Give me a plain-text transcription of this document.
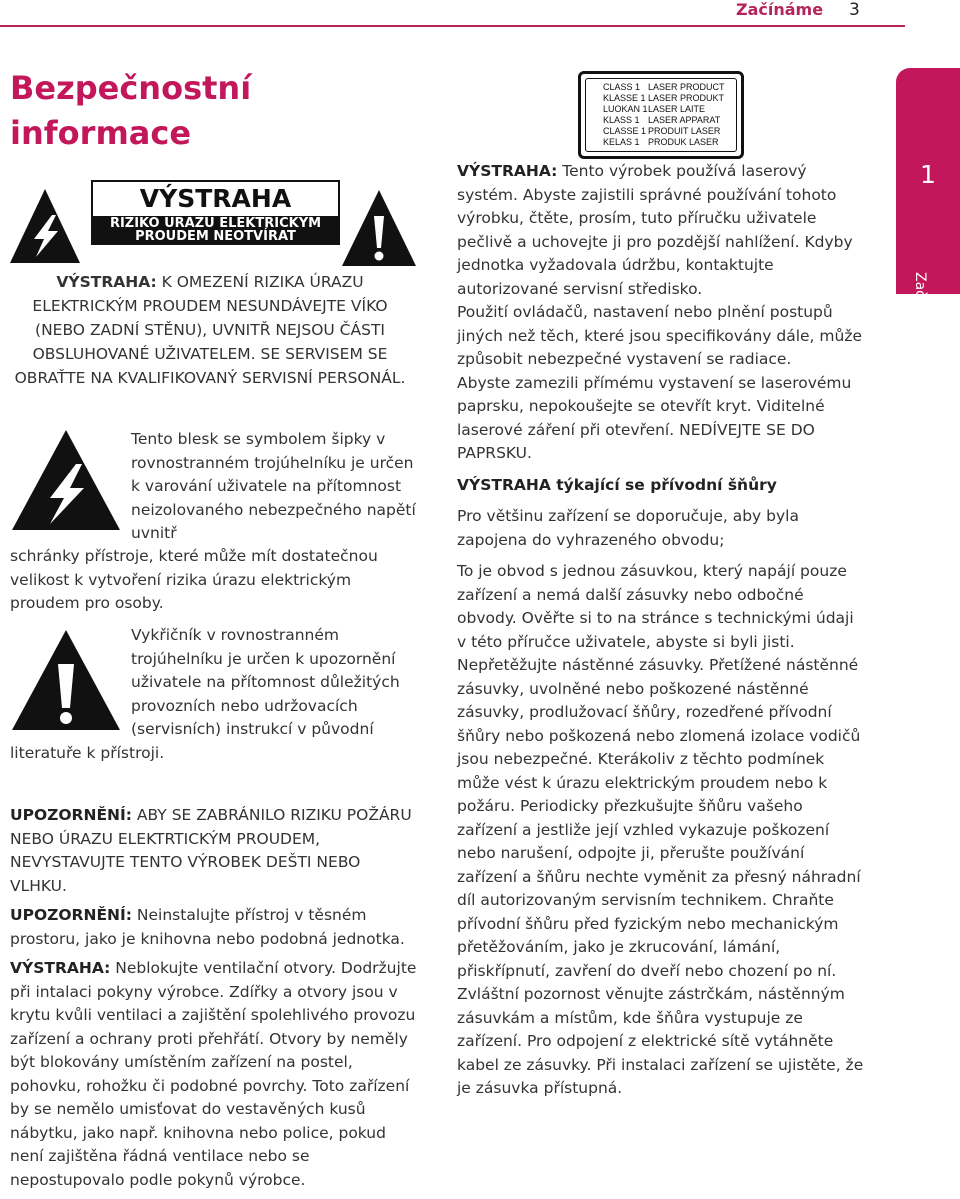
Začínáme 3
Bezpečnostní
informace
VÝSTRAHA
RIZIKO ÚRAZU ELEKTRICKÝM
PROUDEM NEOTVÍRAT
VÝSTRAHA: K OMEZENÍ RIZIKA ÚRAZU ELEKTRICKÝM PROUDEM NESUNDÁVEJTE VÍKO (NEBO ZADNÍ STĚNU), UVNITŘ NEJSOU ČÁSTI OBSLUHOVANÉ UŽIVATELEM. SE SERVISEM SE OBRAŤTE NA KVALIFIKOVANÝ SERVISNÍ PERSONÁL.

Tento blesk se symbolem šipky v rovnostranném trojúhelníku je určen k varování uživatele na přítomnost neizolovaného nebezpečného napětí uvnitř

schránky přístroje, které může mít dostatečnou velikost k vytvoření rizika úrazu elektrickým proudem pro osoby.

Vykřičník v rovnostranném trojúhelníku je určen k upozornění uživatele na přítomnost důležitých provozních nebo udržovacích (servisních) instrukcí v původní

literatuře k přístroji.

UPOZORNĚNÍ: ABY SE ZABRÁNILO RIZIKU POŽÁRU NEBO ÚRAZU ELEKTRTICKÝM PROUDEM, NEVYSTAVUJTE TENTO VÝROBEK DEŠTI NEBO VLHKU.

UPOZORNĚNÍ: Neinstalujte přístroj v těsném prostoru, jako je knihovna nebo podobná jednotka.

VÝSTRAHA: Neblokujte ventilační otvory. Dodržujte při intalaci pokyny výrobce. Zdířky a otvory jsou v krytu kvůli ventilaci a zajištění spolehlivého provozu zařízení a ochrany proti přehřátí. Otvory by neměly být blokovány umístěním zařízení na postel, pohovku, rohožku či podobné povrchy. Toto zařízení by se nemělo umisťovat do vestavěných kusů nábytku, jako např. knihovna nebo police, pokud není zajištěna řádná ventilace nebo se nepostupovalo podle pokynů výrobce.

CLASS 1 LASER PRODUCT
KLASSE 1 LASER PRODUKT
LUOKAN 1LASER LAITE
KLASS 1 LASER APPARAT
CLASSE 1 PRODUIT LASER
KELAS 1 PRODUK LASER

VÝSTRAHA: Tento výrobek používá laserový systém. Abyste zajistili správné používání tohoto výrobku, čtěte, prosím, tuto příručku uživatele pečlivě a uchovejte ji pro pozdější nahlížení. Kdyby jednotka vyžadovala údržbu, kontaktujte autorizované servisní středisko.
Použití ovládačů, nastavení nebo plnění postupů jiných než těch, které jsou specifikovány dále, může způsobit nebezpečné vystavení se radiace.
Abyste zamezili přímému vystavení se laserovému paprsku, nepokoušejte se otevřít kryt. Viditelné laserové záření při otevření. NEDÍVEJTE SE DO PAPRSKU.

VÝSTRAHA týkající se přívodní šňůry

Pro většinu zařízení se doporučuje, aby byla zapojena do vyhrazeného obvodu;

To je obvod s jednou zásuvkou, který napájí pouze zařízení a nemá další zásuvky nebo odbočné obvody. Ověřte si to na stránce s technickými údaji v této příručce uživatele, abyste si byli jisti. Nepřetěžujte nástěnné zásuvky. Přetížené nástěnné zásuvky, uvolněné nebo poškozené nástěnné zásuvky, prodlužovací šňůry, rozedřené přívodní šňůry nebo poškozená nebo zlomená izolace vodičů jsou nebezpečné. Kterákoliv z těchto podmínek může vést k úrazu elektrickým proudem nebo k požáru. Periodicky přezkušujte šňůru vašeho zařízení a jestliže její vzhled vykazuje poškození nebo narušení, odpojte ji, přerušte používání zařízení a šňůru nechte vyměnit za přesný náhradní díl autorizovaným servisním technikem. Chraňte přívodní šňůru před fyzickým nebo mechanickým přetěžováním, jako je zkrucování, lámání, přiskřípnutí, zavření do dveří nebo chození po ní. Zvláštní pozornost věnujte zástrčkám, nástěnným zásuvkám a místům, kde šňůra vystupuje ze zařízení. Pro odpojení z elektrické sítě vytáhněte kabel ze zásuvky. Při instalaci zařízení se ujistěte, že je zásuvka přístupná.

1
Začínáme
